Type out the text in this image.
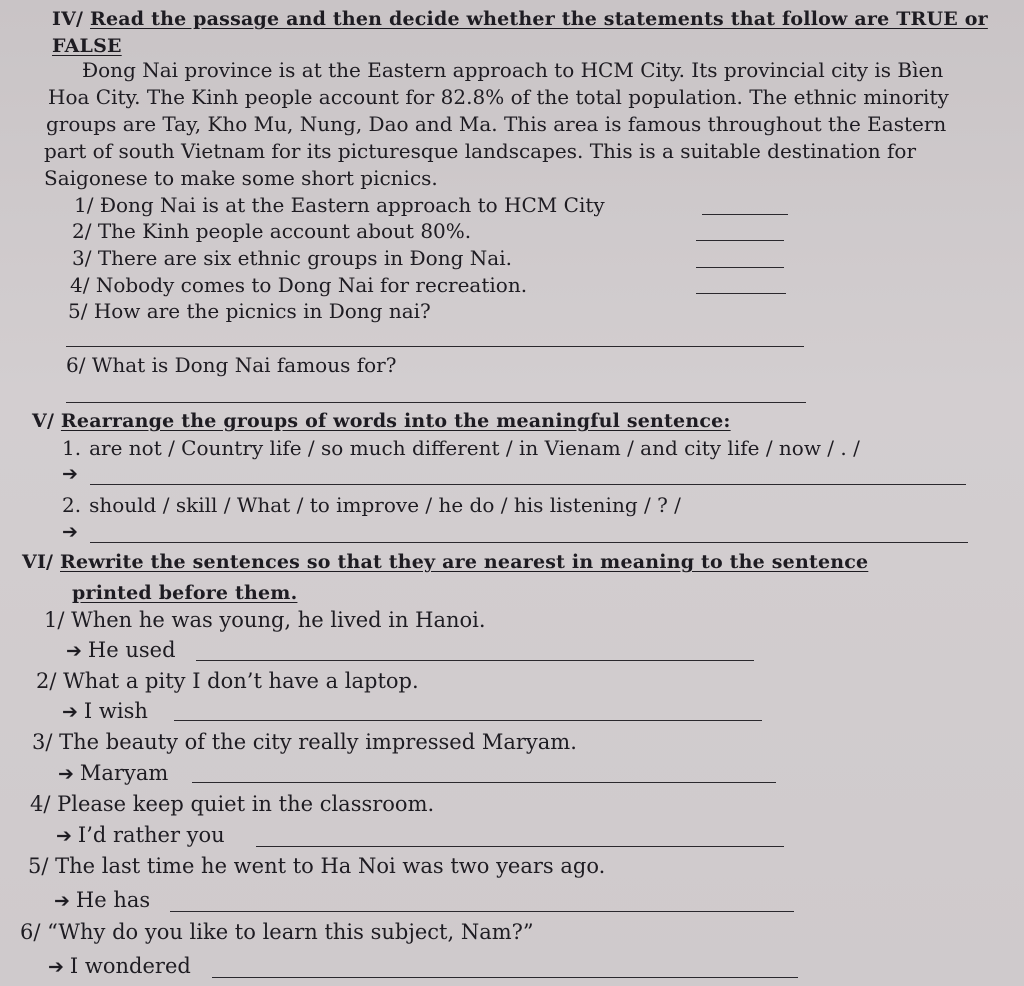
IV/ Read the passage and then decide whether the statements that follow are TRUE or
FALSE
Đong Nai province is at the Eastern approach to HCM City. Its provincial city is Bìen
Hoa City. The Kinh people account for 82.8% of the total population. The ethnic minority
groups are Tay, Kho Mu, Nung, Dao and Ma. This area is famous throughout the Eastern
part of south Vietnam for its picturesque landscapes. This is a suitable destination for
Saigonese to make some short picnics.
1/ Đong Nai is at the Eastern approach to HCM City
2/ The Kinh people account about 80%.
3/ There are six ethnic groups in Đong Nai.
4/ Nobody comes to Dong Nai for recreation.
5/ How are the picnics in Dong nai?
6/ What is Dong Nai famous for?
V/ Rearrange the groups of words into the meaningful sentence:
1. are not / Country life / so much different / in Vienam / and city life / now / . /
➔
2. should / skill / What / to improve / he do / his listening / ? /
➔
VI/ Rewrite the sentences so that they are nearest in meaning to the sentence
printed before them.
1/ When he was young, he lived in Hanoi.
➔ He used
2/ What a pity I don’t have a laptop.
➔ I wish
3/ The beauty of the city really impressed Maryam.
➔ Maryam
4/ Please keep quiet in the classroom.
➔ I’d rather you
5/ The last time he went to Ha Noi was two years ago.
➔ He has
6/ “Why do you like to learn this subject, Nam?”
➔ I wondered
